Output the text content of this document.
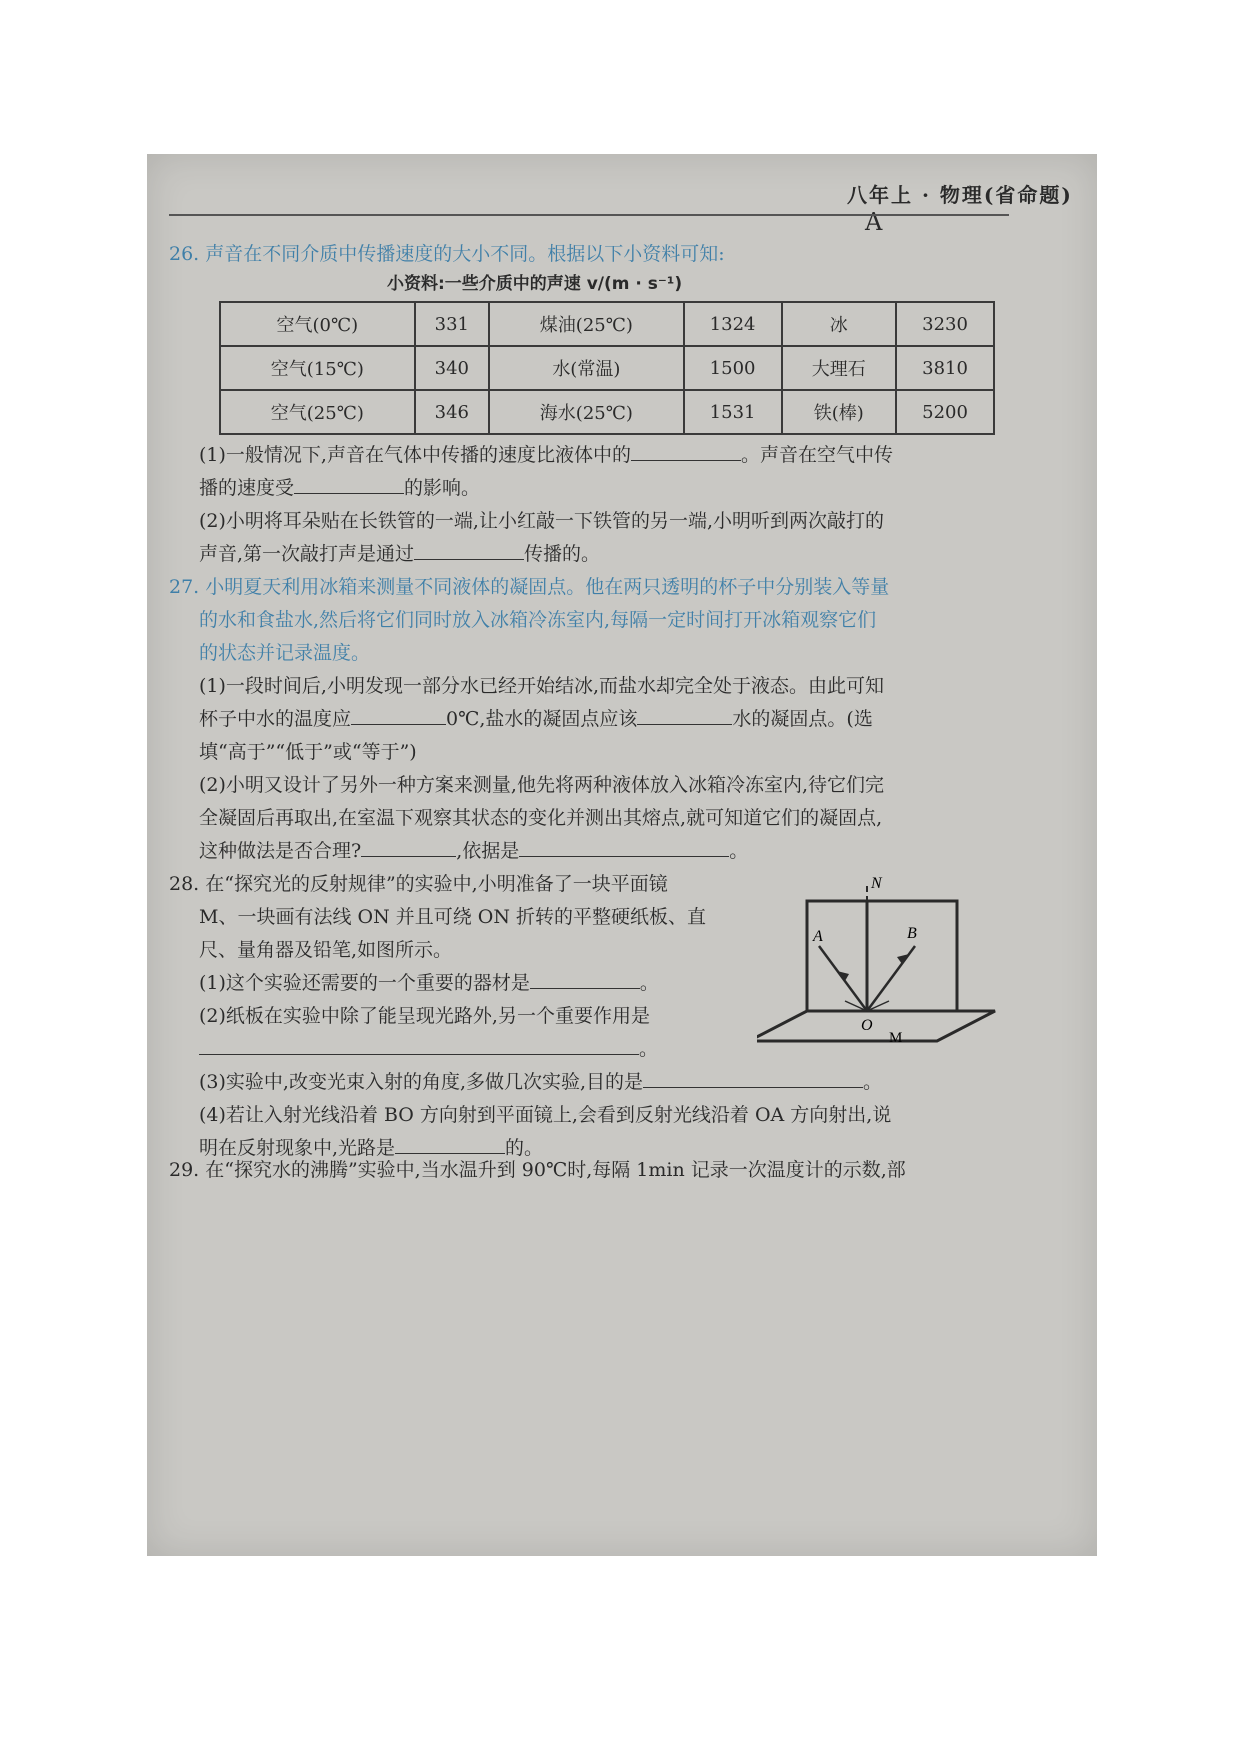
八年上 · 物理(省命题) A
26. 声音在不同介质中传播速度的大小不同。根据以下小资料可知:
小资料:一些介质中的声速 v/(m · s⁻¹)
空气(0℃)	331	煤油(25℃)	1324	冰	3230
空气(15℃)	340	水(常温)	1500	大理石	3810
空气(25℃)	346	海水(25℃)	1531	铁(棒)	5200
(1)一般情况下,声音在气体中传播的速度比液体中的	。声音在空气中传
播的速度受	的影响。
(2)小明将耳朵贴在长铁管的一端,让小红敲一下铁管的另一端,小明听到两次敲打的
声音,第一次敲打声是通过	传播的。
27. 小明夏天利用冰箱来测量不同液体的凝固点。他在两只透明的杯子中分别装入等量
的水和食盐水,然后将它们同时放入冰箱冷冻室内,每隔一定时间打开冰箱观察它们
的状态并记录温度。
(1)一段时间后,小明发现一部分水已经开始结冰,而盐水却完全处于液态。由此可知
杯子中水的温度应	0℃,盐水的凝固点应该	水的凝固点。(选
填“高于”“低于”或“等于”)
(2)小明又设计了另外一种方案来测量,他先将两种液体放入冰箱冷冻室内,待它们完
全凝固后再取出,在室温下观察其状态的变化并测出其熔点,就可知道它们的凝固点,
这种做法是否合理?	,依据是	。
28. 在“探究光的反射规律”的实验中,小明准备了一块平面镜
M、一块画有法线 ON 并且可绕 ON 折转的平整硬纸板、直
尺、量角器及铅笔,如图所示。
(1)这个实验还需要的一个重要的器材是	。
(2)纸板在实验中除了能呈现光路外,另一个重要作用是
。
N
A	B
O
M
(3)实验中,改变光束入射的角度,多做几次实验,目的是	。
(4)若让入射光线沿着 BO 方向射到平面镜上,会看到反射光线沿着 OA 方向射出,说
明在反射现象中,光路是	的。
29. 在“探究水的沸腾”实验中,当水温升到 90℃时,每隔 1min 记录一次温度计的示数,部
